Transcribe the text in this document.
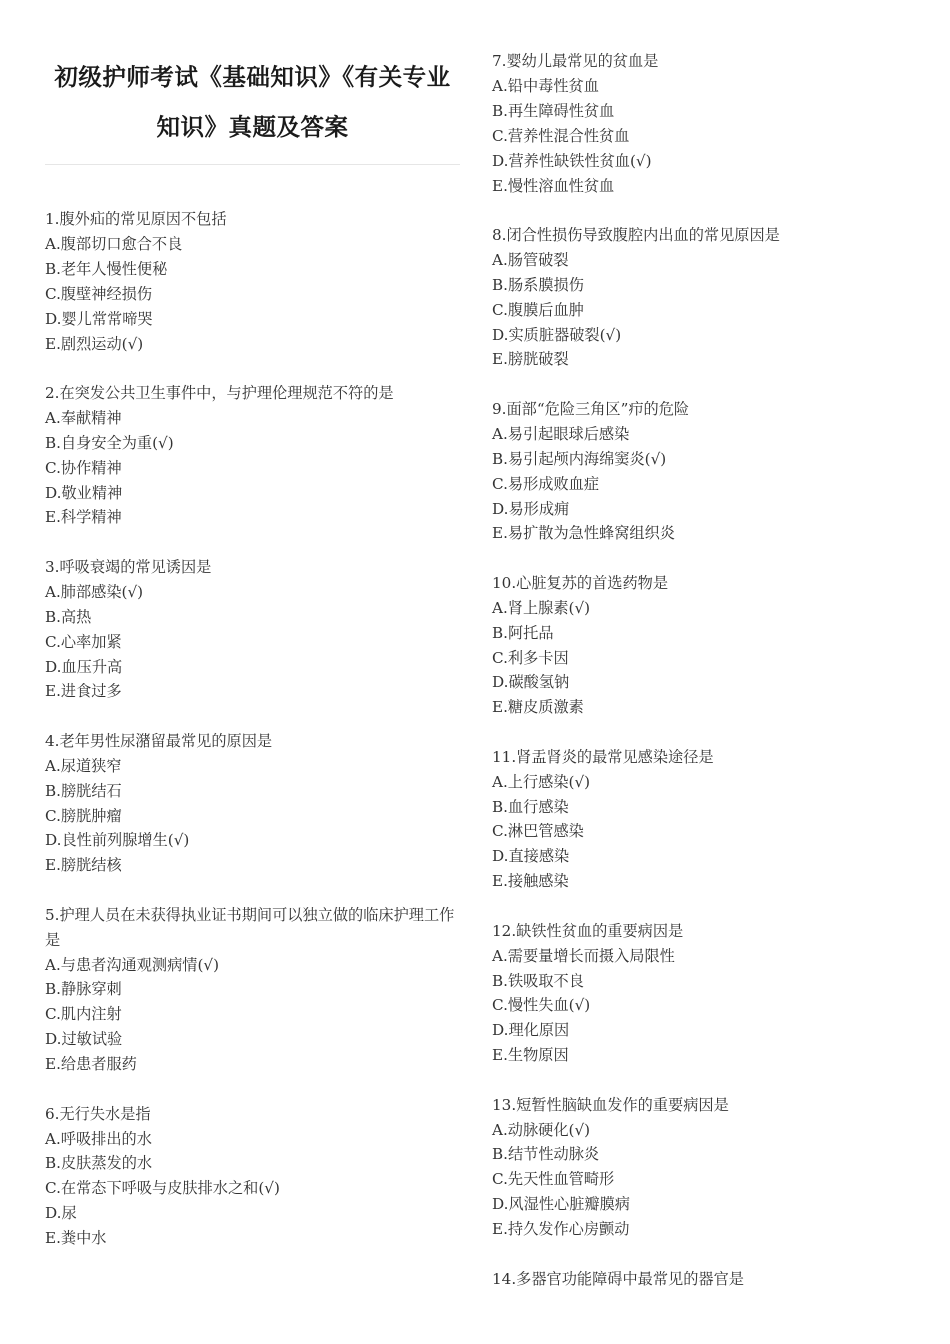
初级护师考试《基础知识》《有关专业
知识》真题及答案
1.腹外疝的常见原因不包括
A.腹部切口愈合不良
B.老年人慢性便秘
C.腹壁神经损伤
D.婴儿常常啼哭
E.剧烈运动(√)
2.在突发公共卫生事件中，与护理伦理规范不符的是
A.奉献精神
B.自身安全为重(√)
C.协作精神
D.敬业精神
E.科学精神
3.呼吸衰竭的常见诱因是
A.肺部感染(√)
B.高热
C.心率加紧
D.血压升高
E.进食过多
4.老年男性尿潴留最常见的原因是
A.尿道狭窄
B.膀胱结石
C.膀胱肿瘤
D.良性前列腺增生(√)
E.膀胱结核
5.护理人员在未获得执业证书期间可以独立做的临床护理工作是
A.与患者沟通观测病情(√)
B.静脉穿刺
C.肌内注射
D.过敏试验
E.给患者服药
6.无行失水是指
A.呼吸排出的水
B.皮肤蒸发的水
C.在常态下呼吸与皮肤排水之和(√)
D.尿
E.粪中水
7.婴幼儿最常见的贫血是
A.铅中毒性贫血
B.再生障碍性贫血
C.营养性混合性贫血
D.营养性缺铁性贫血(√)
E.慢性溶血性贫血
8.闭合性损伤导致腹腔内出血的常见原因是
A.肠管破裂
B.肠系膜损伤
C.腹膜后血肿
D.实质脏器破裂(√)
E.膀胱破裂
9.面部“危险三角区”疖的危险
A.易引起眼球后感染
B.易引起颅内海绵窦炎(√)
C.易形成败血症
D.易形成痈
E.易扩散为急性蜂窝组织炎
10.心脏复苏的首选药物是
A.肾上腺素(√)
B.阿托品
C.利多卡因
D.碳酸氢钠
E.糖皮质激素
11.肾盂肾炎的最常见感染途径是
A.上行感染(√)
B.血行感染
C.淋巴管感染
D.直接感染
E.接触感染
12.缺铁性贫血的重要病因是
A.需要量增长而摄入局限性
B.铁吸取不良
C.慢性失血(√)
D.理化原因
E.生物原因
13.短暂性脑缺血发作的重要病因是
A.动脉硬化(√)
B.结节性动脉炎
C.先天性血管畸形
D.风湿性心脏瓣膜病
E.持久发作心房颤动
14.多器官功能障碍中最常见的器官是
